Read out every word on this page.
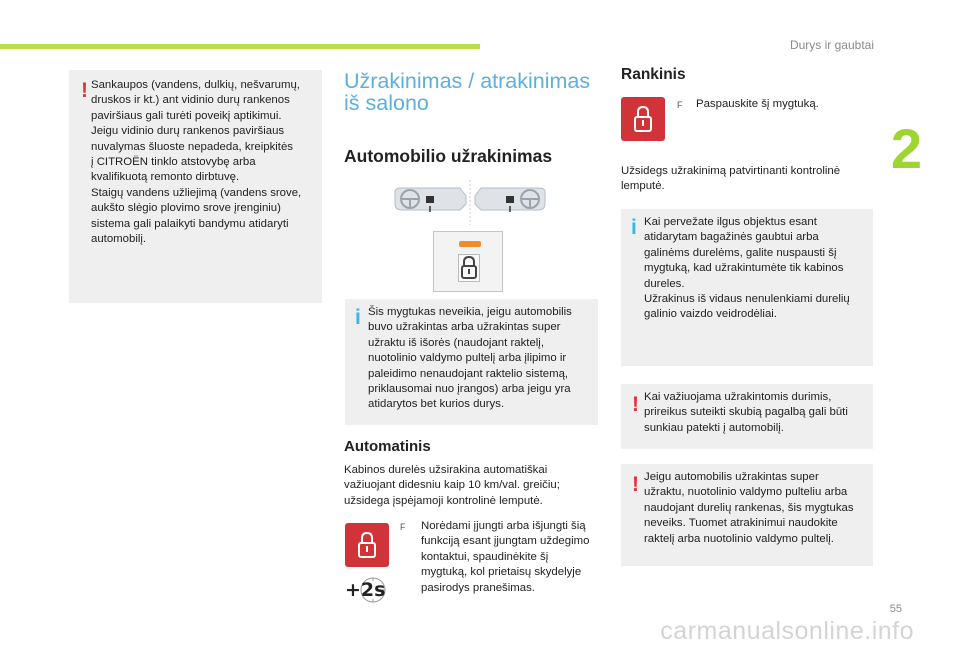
Durys ir gaubtai
2
! Sankaupos (vandens, dulkių, nešvarumų,
druskos ir kt.) ant vidinio durų rankenos
paviršiaus gali turėti poveikį aptikimui.
Jeigu vidinio durų rankenos paviršiaus
nuvalymas šluoste nepadeda, kreipkitės
į CITROËN tinklo atstovybę arba
kvalifikuotą remonto dirbtuvę.
Staigų vandens užliejimą (vandens srove,
aukšto slėgio plovimo srove įrenginiu)
sistema gali palaikyti bandymu atidaryti
automobilį.

Užrakinimas / atrakinimas
iš salono
Automobilio užrakinimas
i Šis mygtukas neveikia, jeigu automobilis
buvo užrakintas arba užrakintas super
užraktu iš išorės (naudojant raktelį,
nuotolinio valdymo pultelį arba įlipimo ir
paleidimo nenaudojant raktelio sistemą,
priklausomai nuo įrangos) arba jeigu yra
atidarytos bet kurios durys.

Automatinis
Kabinos durelės užsirakina automatiškai
važiuojant didesniu kaip 10 km/val. greičiu;
užsidega įspėjamoji kontrolinė lemputė.
+2s
F Norėdami įjungti arba išjungti šią
funkciją esant įjungtam uždegimo
kontaktui, spaudinėkite šį
mygtuką, kol prietaisų skydelyje
pasirodys pranešimas.
Rankinis
F Paspauskite šį mygtuką.
Užsidegs užrakinimą patvirtinanti kontrolinė
lemputė.
i Kai pervežate ilgus objektus esant
atidarytam bagažinės gaubtui arba
galinėms durelėms, galite nuspausti šį
mygtuką, kad užrakintumėte tik kabinos
dureles.
Užrakinus iš vidaus nenulenkiami durelių
galinio vaizdo veidrodėliai.

! Kai važiuojama užrakintomis durimis,
prireikus suteikti skubią pagalbą gali būti
sunkiau patekti į automobilį.

! Jeigu automobilis užrakintas super
užraktu, nuotolinio valdymo pulteliu arba
naudojant durelių rankenas, šis mygtukas
neveiks. Tuomet atrakinimui naudokite
raktelį arba nuotolinio valdymo pultelį.

55
carmanualsonline.info
